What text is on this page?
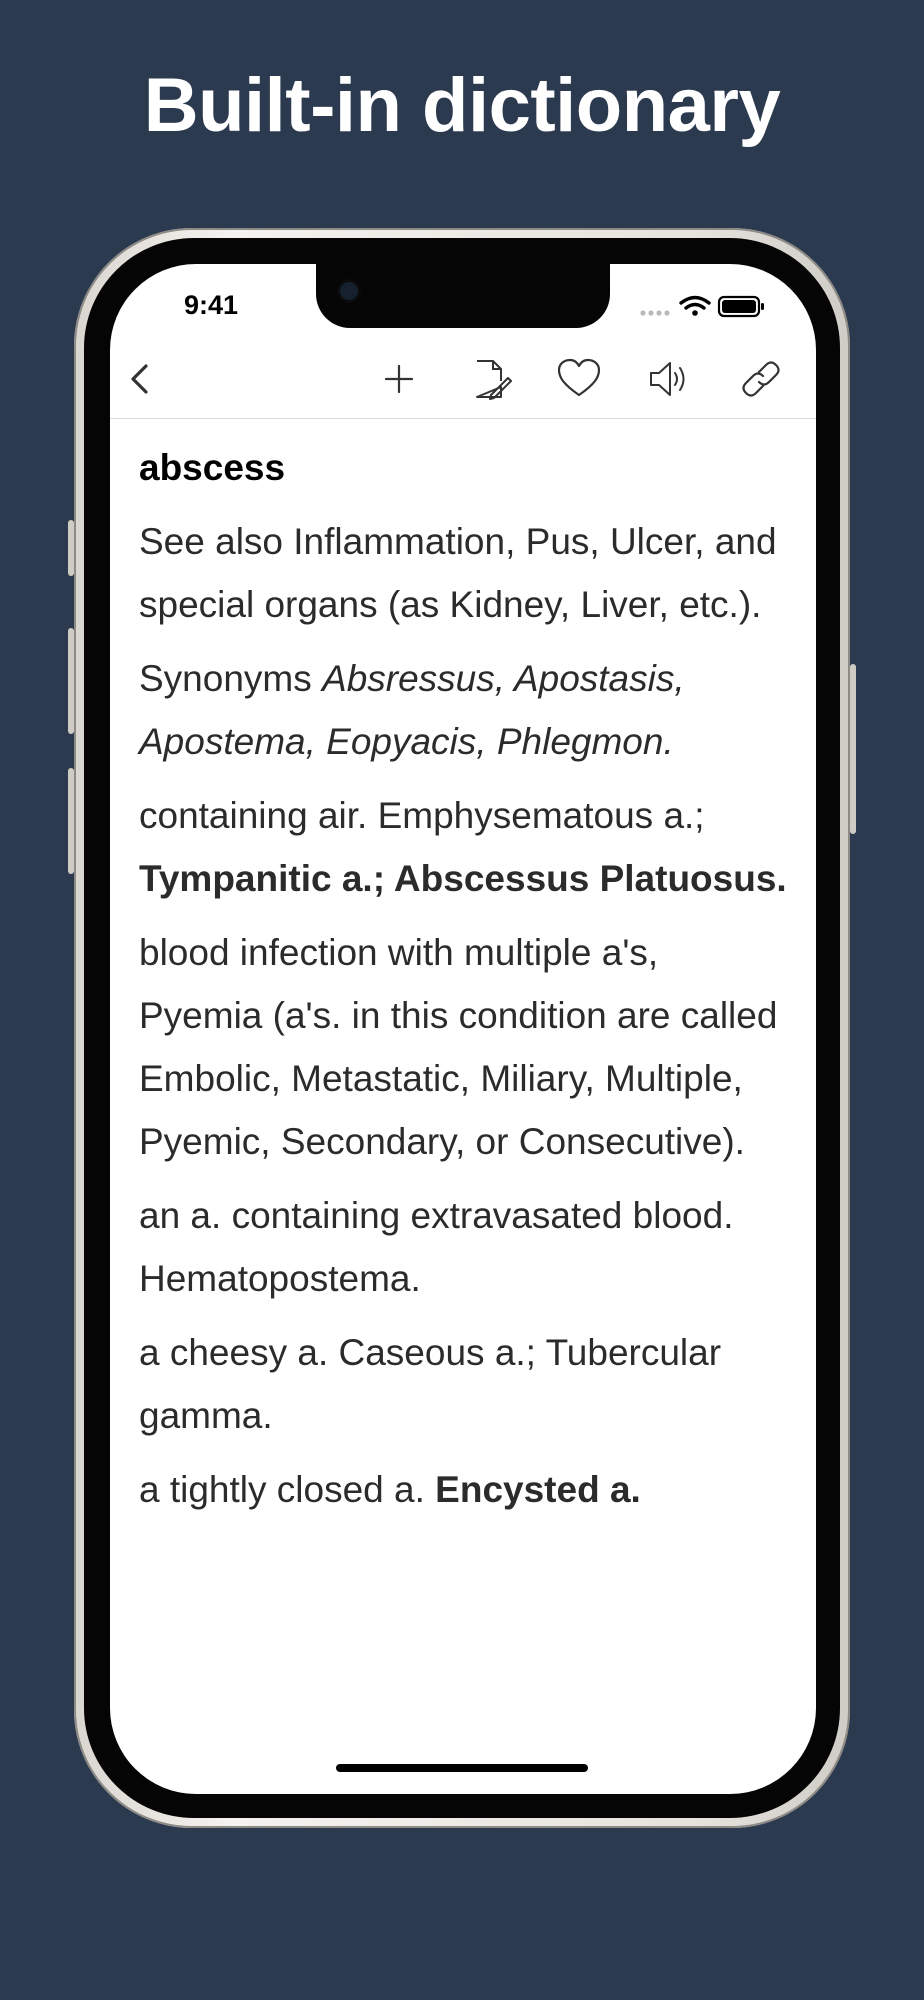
Built-in dictionary
9:41
abscess
See also Inflammation, Pus, Ulcer, and special organs (as Kidney, Liver, etc.).
Synonyms Absressus, Apostasis, Apostema, Eopyacis, Phlegmon.
containing air. Emphysematous a.; Tympanitic a.; Abscessus Platuosus.
blood infection with multiple a's, Pyemia (a's. in this condition are called Embolic, Metastatic, Miliary, Multiple, Pyemic, Secondary, or Consecutive).
an a. containing extravasated blood. Hematopostema.
a cheesy a. Caseous a.; Tubercular gamma.
a tightly closed a. Encysted a.
